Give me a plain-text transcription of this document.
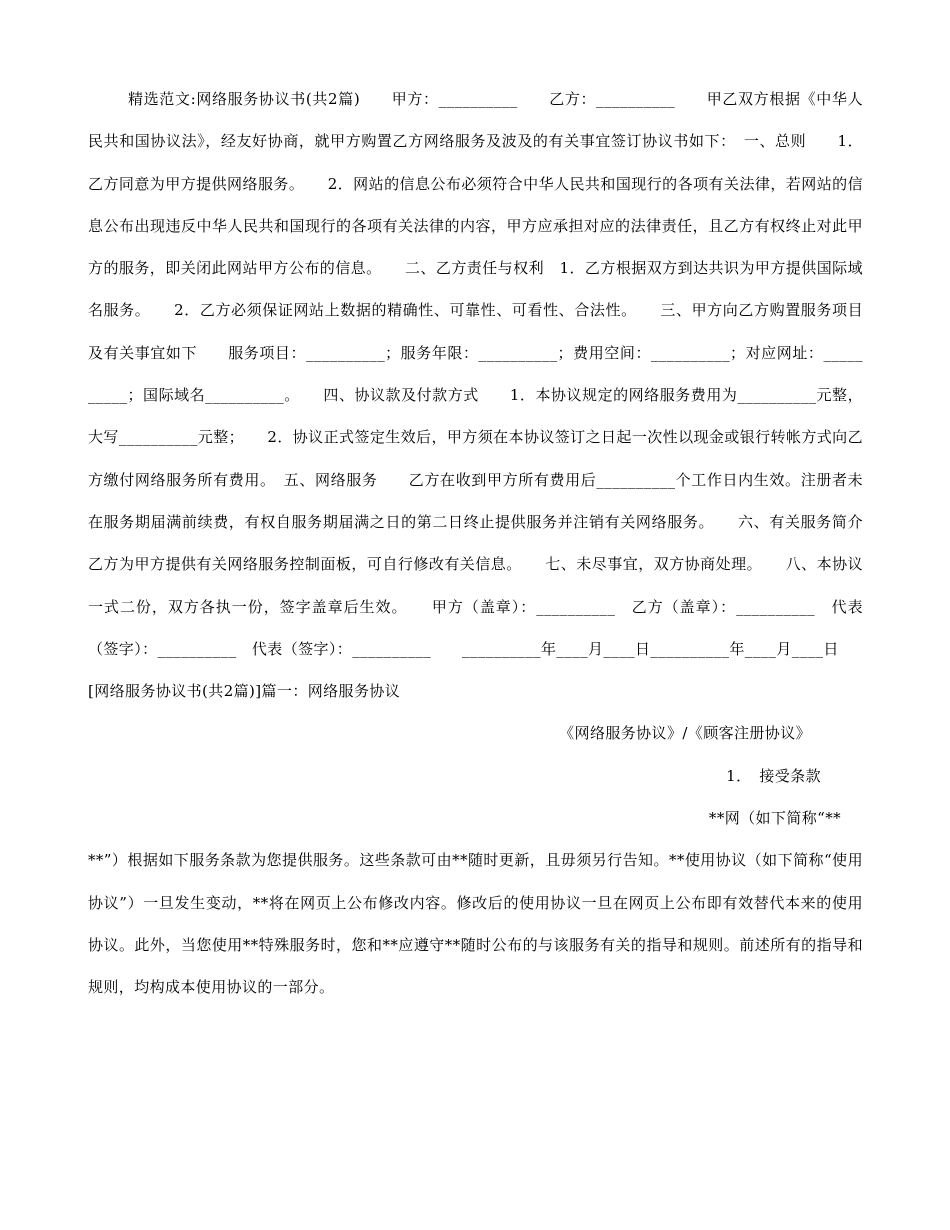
精选范文:网络服务协议书(共2篇)　　甲方：__________　　乙方：__________　　甲乙双方根据《中华人民共和国协议法》，经友好协商，就甲方购置乙方网络服务及波及的有关事宜签订协议书如下：　一、总则　　1．乙方同意为甲方提供网络服务。　　2．网站的信息公布必须符合中华人民共和国现行的各项有关法律，若网站的信息公布出现违反中华人民共和国现行的各项有关法律的内容，甲方应承担对应的法律责任，且乙方有权终止对此甲方的服务，即关闭此网站甲方公布的信息。　　二、乙方责任与权利　1．乙方根据双方到达共识为甲方提供国际域名服务。　　2．乙方必须保证网站上数据的精确性、可靠性、可看性、合法性。　　三、甲方向乙方购置服务项目及有关事宜如下　　服务项目：__________；服务年限：__________；费用空间：__________；对应网址：__________；国际域名__________。　　四、协议款及付款方式　　1．本协议规定的网络服务费用为__________元整，大写__________元整；　　2．协议正式签定生效后，甲方须在本协议签订之日起一次性以现金或银行转帐方式向乙方缴付网络服务所有费用。　五、网络服务　　乙方在收到甲方所有费用后__________个工作日内生效。注册者未在服务期届满前续费，有权自服务期届满之日的第二日终止提供服务并注销有关网络服务。　　六、有关服务简介　　乙方为甲方提供有关网络服务控制面板，可自行修改有关信息。　　七、未尽事宜，双方协商处理。　　八、本协议一式二份，双方各执一份，签字盖章后生效。　　甲方（盖章）：__________　乙方（盖章）：__________　代表（签字）：__________　代表（签字）：__________　　__________年____月____日__________年____月____日

[网络服务协议书(共2篇)]篇一：网络服务协议

《网络服务协议》/《顾客注册协议》

1．　接受条款

**网（如下简称“**

**”）根据如下服务条款为您提供服务。这些条款可由**随时更新，且毋须另行告知。**使用协议（如下简称“使用协议”）一旦发生变动，**将在网页上公布修改内容。修改后的使用协议一旦在网页上公布即有效替代本来的使用协议。此外，当您使用**特殊服务时，您和**应遵守**随时公布的与该服务有关的指导和规则。前述所有的指导和规则，均构成本使用协议的一部分。
